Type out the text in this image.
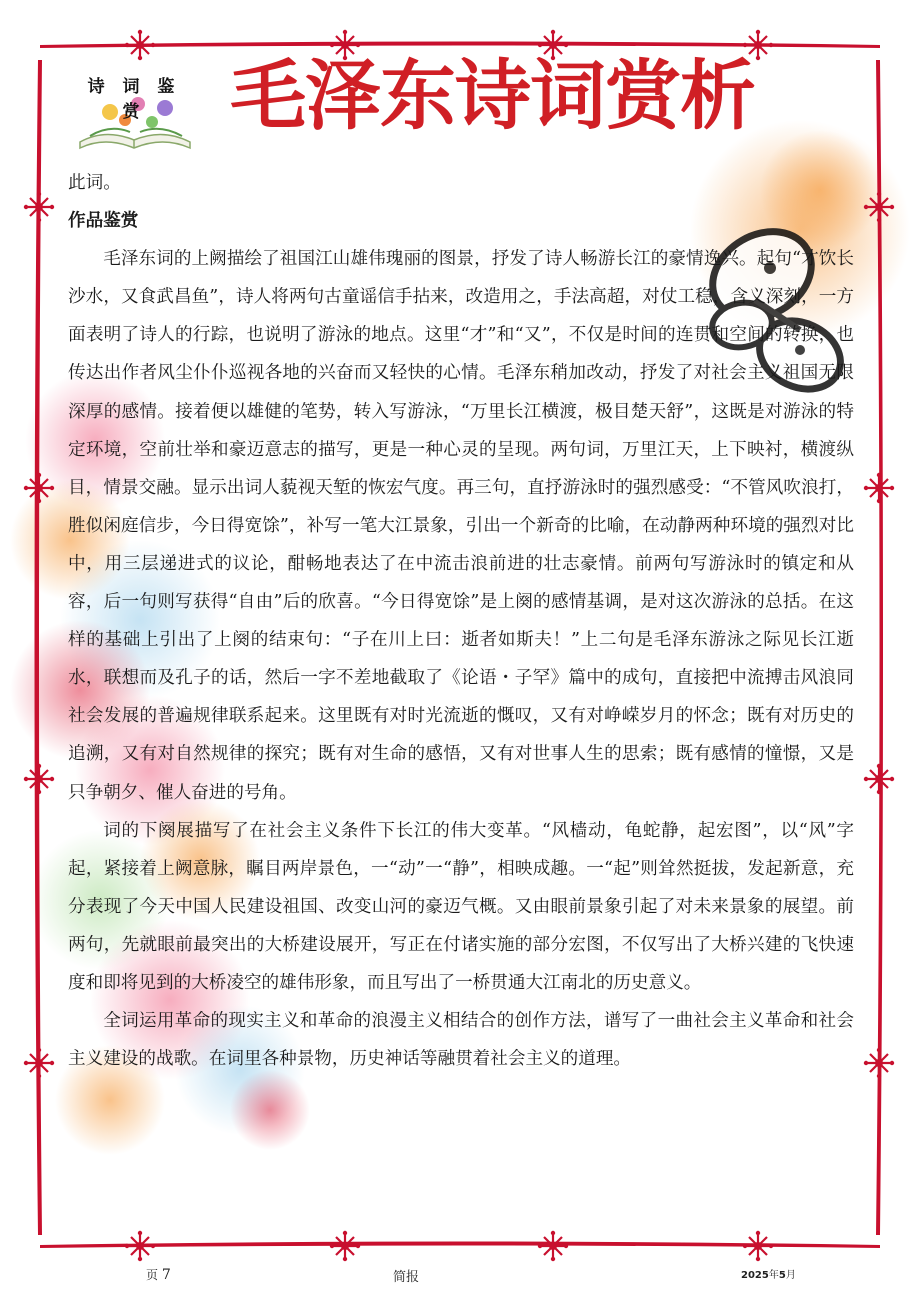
诗 词 鉴 赏	毛泽东诗词赏析

此词。

作品鉴赏

毛泽东词的上阙描绘了祖国江山雄伟瑰丽的图景，抒发了诗人畅游长江的豪情逸兴。起句“才饮长沙水，又食武昌鱼”，诗人将两句古童谣信手拈来，改造用之，手法高超，对仗工稳，含义深刻，一方面表明了诗人的行踪，也说明了游泳的地点。这里“才”和“又”，不仅是时间的连贯和空间的转换，也传达出作者风尘仆仆巡视各地的兴奋而又轻快的心情。毛泽东稍加改动，抒发了对社会主义祖国无限深厚的感情。接着便以雄健的笔势，转入写游泳，“万里长江横渡，极目楚天舒”，这既是对游泳的特定环境，空前壮举和豪迈意志的描写，更是一种心灵的呈现。两句词，万里江天，上下映衬，横渡纵目，情景交融。显示出词人藐视天堑的恢宏气度。再三句，直抒游泳时的强烈感受：“不管风吹浪打，胜似闲庭信步，今日得宽馀”，补写一笔大江景象，引出一个新奇的比喻，在动静两种环境的强烈对比中，用三层递进式的议论，酣畅地表达了在中流击浪前进的壮志豪情。前两句写游泳时的镇定和从容，后一句则写获得“自由”后的欣喜。“今日得宽馀”是上阕的感情基调，是对这次游泳的总括。在这样的基础上引出了上阕的结束句：“子在川上曰：逝者如斯夫！”上二句是毛泽东游泳之际见长江逝水，联想而及孔子的话，然后一字不差地截取了《论语・子罕》篇中的成句，直接把中流搏击风浪同社会发展的普遍规律联系起来。这里既有对时光流逝的慨叹，又有对峥嵘岁月的怀念；既有对历史的追溯，又有对自然规律的探究；既有对生命的感悟，又有对世事人生的思索；既有感情的憧憬，又是只争朝夕、催人奋进的号角。

词的下阕展描写了在社会主义条件下长江的伟大变革。“风樯动，龟蛇静，起宏图”，以“风”字起，紧接着上阙意脉，瞩目两岸景色，一“动”一“静”，相映成趣。一“起”则耸然挺拔，发起新意，充分表现了今天中国人民建设祖国、改变山河的豪迈气概。又由眼前景象引起了对未来景象的展望。前两句，先就眼前最突出的大桥建设展开，写正在付诸实施的部分宏图，不仅写出了大桥兴建的飞快速度和即将见到的大桥凌空的雄伟形象，而且写出了一桥贯通大江南北的历史意义。

全词运用革命的现实主义和革命的浪漫主义相结合的创作方法，谱写了一曲社会主义革命和社会主义建设的战歌。在词里各种景物，历史神话等融贯着社会主义的道理。

页 7	简报	2025年5月
